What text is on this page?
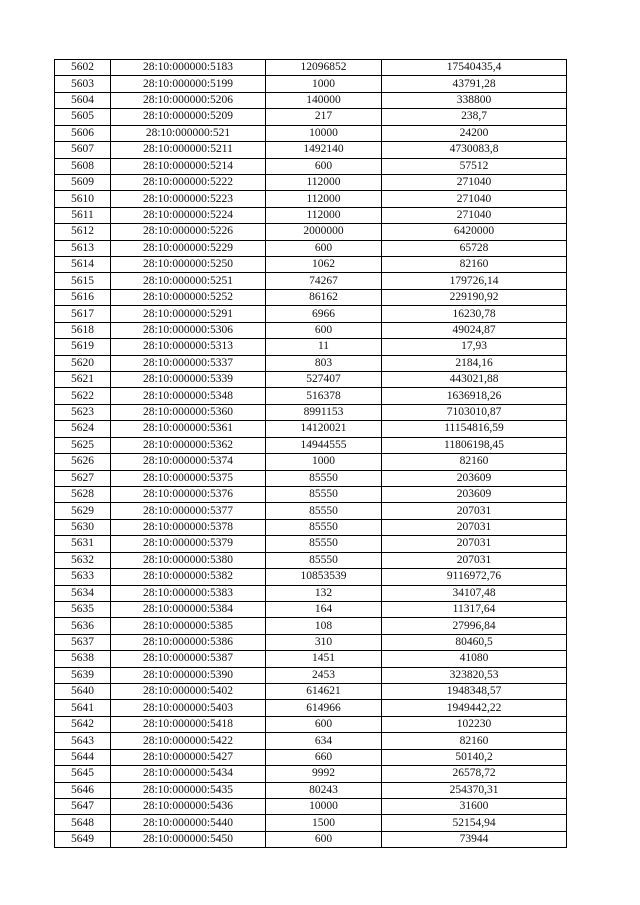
5602	28:10:000000:5183	12096852	17540435,4
5603	28:10:000000:5199	1000	43791,28
5604	28:10:000000:5206	140000	338800
5605	28:10:000000:5209	217	238,7
5606	28:10:000000:521	10000	24200
5607	28:10:000000:5211	1492140	4730083,8
5608	28:10:000000:5214	600	57512
5609	28:10:000000:5222	112000	271040
5610	28:10:000000:5223	112000	271040
5611	28:10:000000:5224	112000	271040
5612	28:10:000000:5226	2000000	6420000
5613	28:10:000000:5229	600	65728
5614	28:10:000000:5250	1062	82160
5615	28:10:000000:5251	74267	179726,14
5616	28:10:000000:5252	86162	229190,92
5617	28:10:000000:5291	6966	16230,78
5618	28:10:000000:5306	600	49024,87
5619	28:10:000000:5313	11	17,93
5620	28:10:000000:5337	803	2184,16
5621	28:10:000000:5339	527407	443021,88
5622	28:10:000000:5348	516378	1636918,26
5623	28:10:000000:5360	8991153	7103010,87
5624	28:10:000000:5361	14120021	11154816,59
5625	28:10:000000:5362	14944555	11806198,45
5626	28:10:000000:5374	1000	82160
5627	28:10:000000:5375	85550	203609
5628	28:10:000000:5376	85550	203609
5629	28:10:000000:5377	85550	207031
5630	28:10:000000:5378	85550	207031
5631	28:10:000000:5379	85550	207031
5632	28:10:000000:5380	85550	207031
5633	28:10:000000:5382	10853539	9116972,76
5634	28:10:000000:5383	132	34107,48
5635	28:10:000000:5384	164	11317,64
5636	28:10:000000:5385	108	27996,84
5637	28:10:000000:5386	310	80460,5
5638	28:10:000000:5387	1451	41080
5639	28:10:000000:5390	2453	323820,53
5640	28:10:000000:5402	614621	1948348,57
5641	28:10:000000:5403	614966	1949442,22
5642	28:10:000000:5418	600	102230
5643	28:10:000000:5422	634	82160
5644	28:10:000000:5427	660	50140,2
5645	28:10:000000:5434	9992	26578,72
5646	28:10:000000:5435	80243	254370,31
5647	28:10:000000:5436	10000	31600
5648	28:10:000000:5440	1500	52154,94
5649	28:10:000000:5450	600	73944
